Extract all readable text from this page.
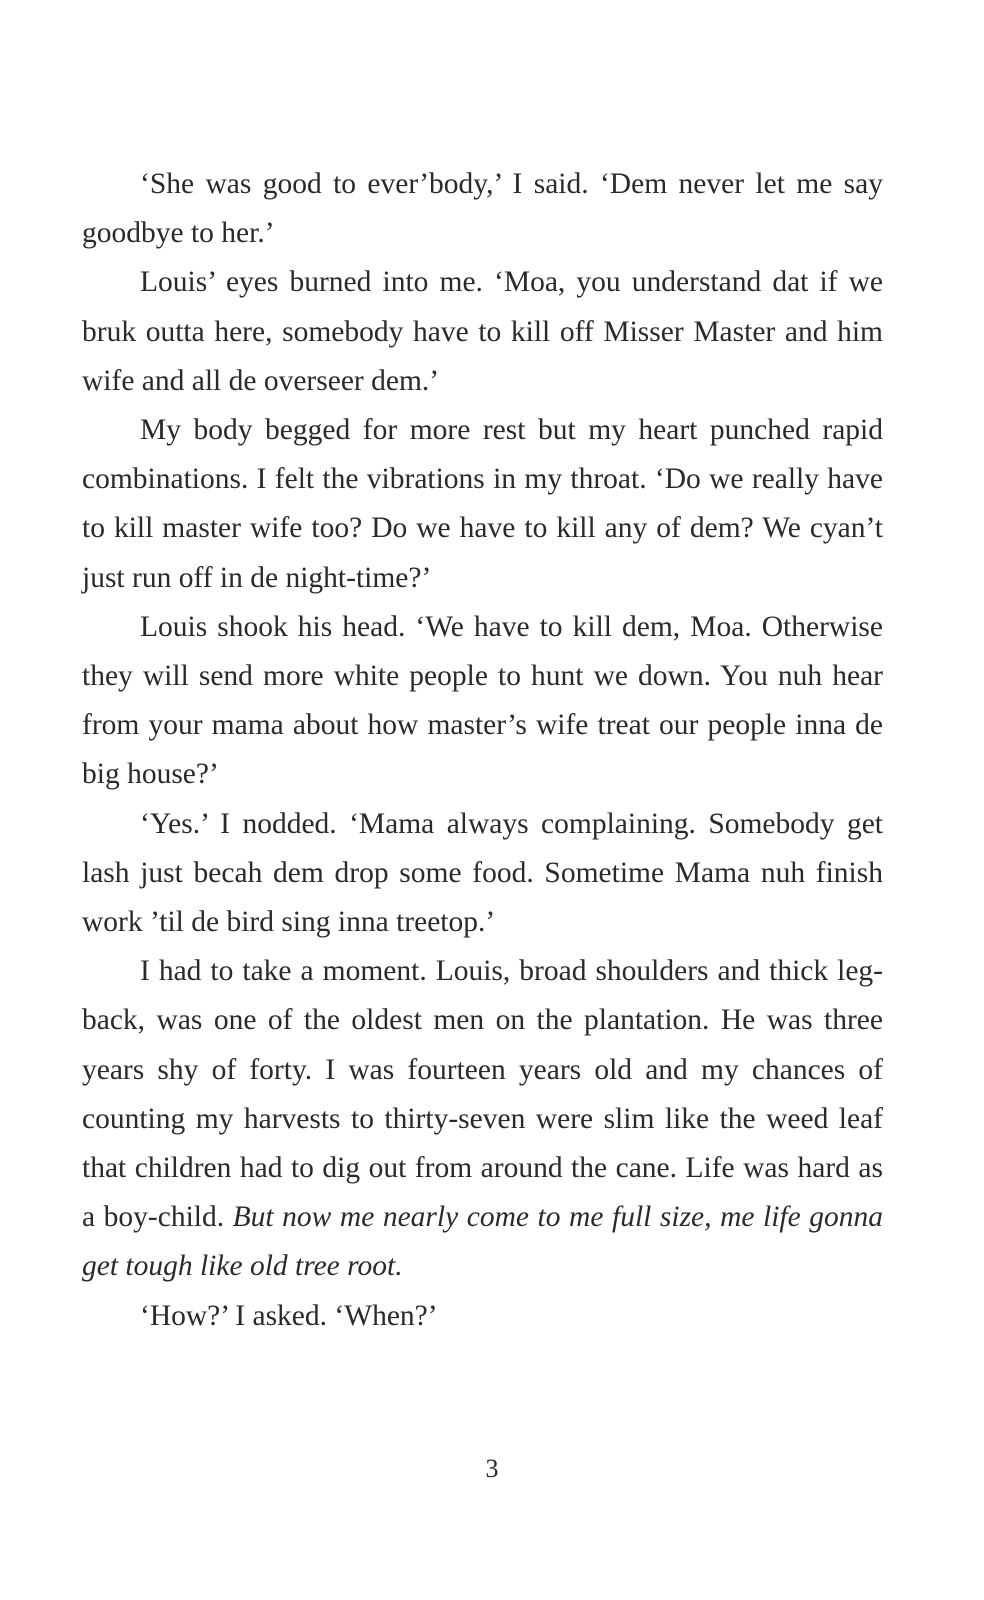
‘She was good to ever’body,’ I said. ‘Dem never let me say goodbye to her.’

Louis’ eyes burned into me. ‘Moa, you understand dat if we bruk outta here, somebody have to kill off Misser Master and him wife and all de overseer dem.’

My body begged for more rest but my heart punched rapid combinations. I felt the vibrations in my throat. ‘Do we really have to kill master wife too? Do we have to kill any of dem? We cyan’t just run off in de night-time?’

Louis shook his head. ‘We have to kill dem, Moa. Otherwise they will send more white people to hunt we down. You nuh hear from your mama about how master’s wife treat our people inna de big house?’

‘Yes.’ I nodded. ‘Mama always complaining. Somebody get lash just becah dem drop some food. Sometime Mama nuh finish work ’til de bird sing inna treetop.’

I had to take a moment. Louis, broad shoulders and thick leg-back, was one of the oldest men on the plantation. He was three years shy of forty. I was fourteen years old and my chances of counting my harvests to thirty-seven were slim like the weed leaf that children had to dig out from around the cane. Life was hard as a boy-child. But now me nearly come to me full size, me life gonna get tough like old tree root.

‘How?’ I asked. ‘When?’

3
